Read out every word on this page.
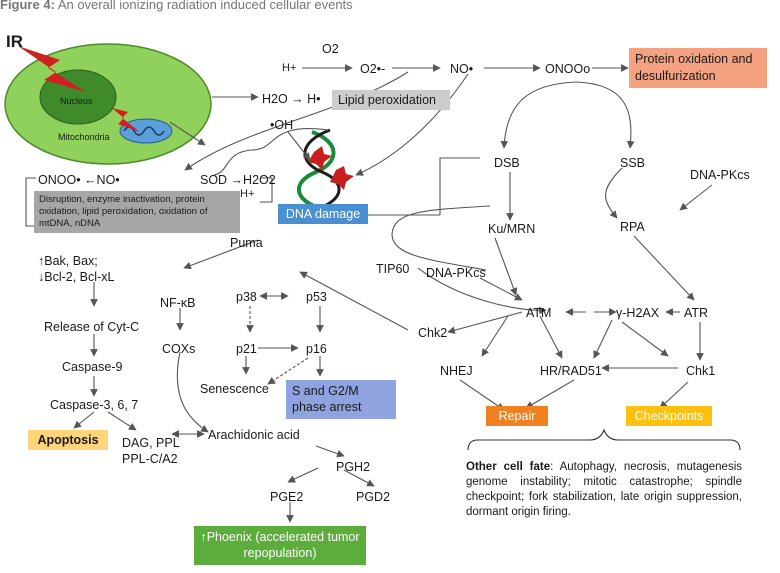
Figure 4: An overall ionizing radiation induced cellular events
IR
Nucleus
Mitochondria
H+
O2
O2•-	NO•	ONOOo
H2O → H•
•OH
ONOO• ←NO•	SOD →H2O2
H+
DSB	SSB
DNA-PKcs
Ku/MRN	RPA
TIP60 DNA-PKcs
ATM	γ-H2AX ATR
Chk2
NHEJ	HR/RAD51	Chk1
Puma
↑Bak, Bax;
↓Bcl-2, Bcl-xL
Release of Cyt-C
Caspase-9
Caspase-3, 6, 7
DAG, PPL
PPL-C/A2
NF-κB
COXs
p38	p53
p21	p16
Senescence
Arachidonic acid
PGH2
PGE2	PGD2
Protein oxidation and desulfurization
Lipid peroxidation
Disruption, enzyme inactivation, protein oxidation, lipid peroxidation, oxidation of mtDNA, nDNA
DNA damage
Apoptosis
S and G2/M phase arrest
Repair	Checkpoints
↑Phoenix (accelerated tumor repopulation)
Other cell fate: Autophagy, necrosis, mutagenesis genome instability; mitotic catastrophe; spindle checkpoint; fork stabilization, late origin suppression, dormant origin firing.
